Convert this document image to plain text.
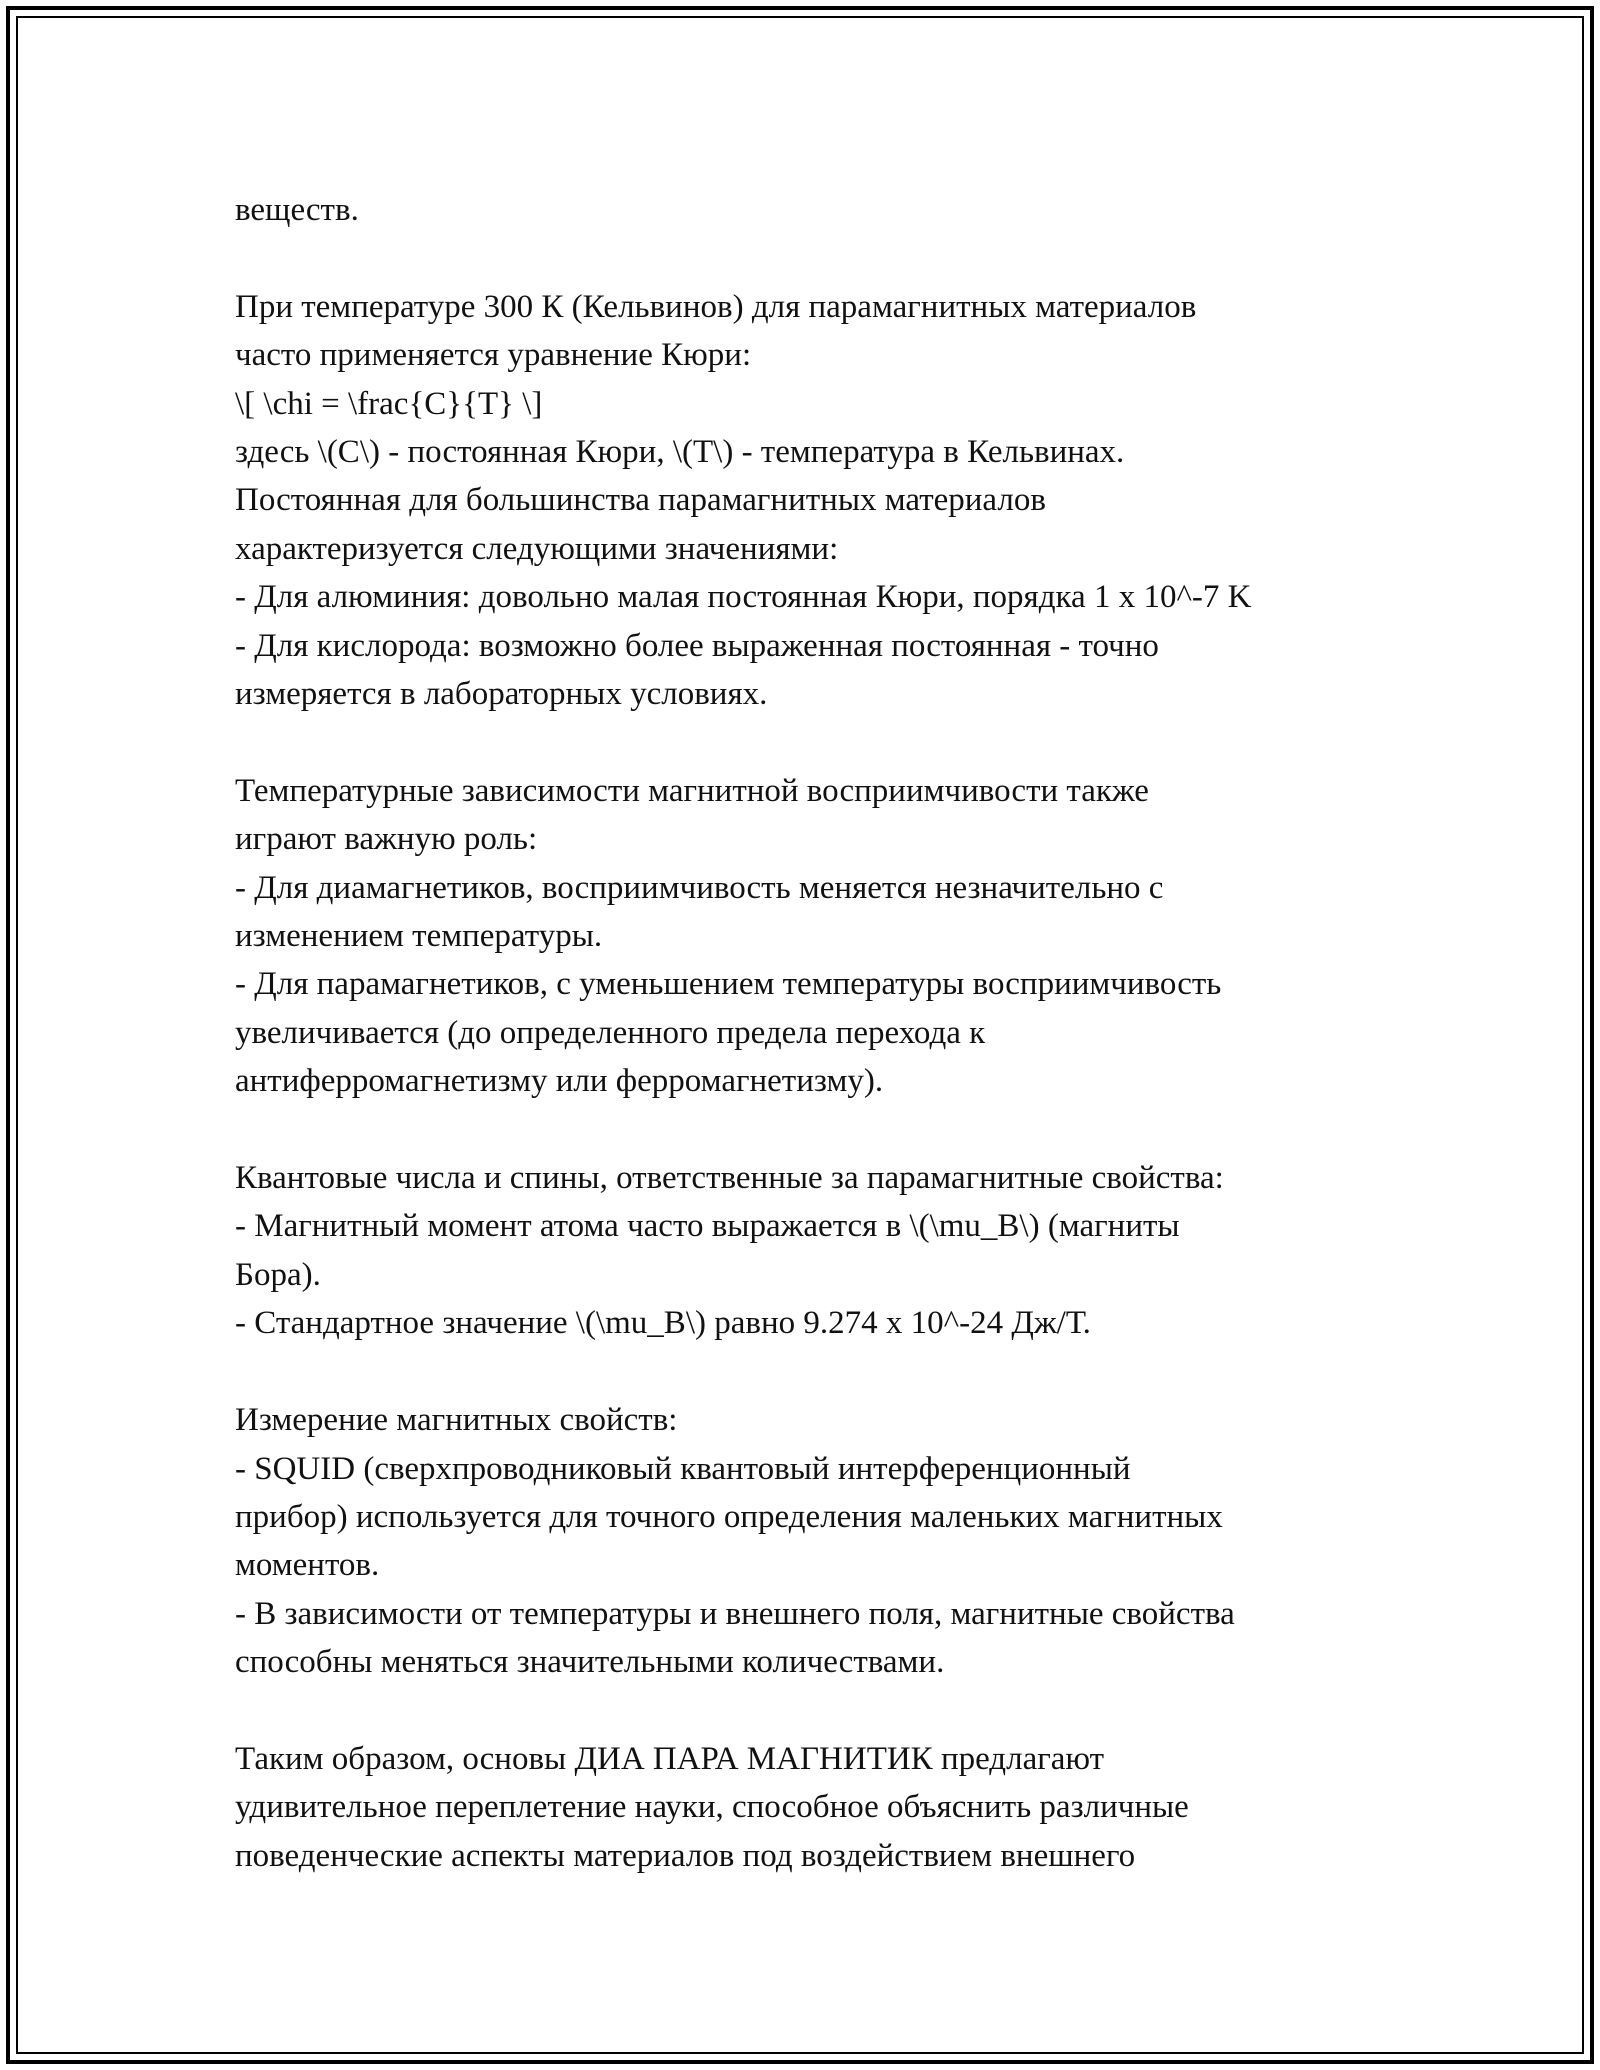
веществ.
При температуре 300 К (Кельвинов) для парамагнитных материалов
часто применяется уравнение Кюри:
\[ \chi = \frac{C}{T} \]
здесь \(C\) - постоянная Кюри, \(T\) - температура в Кельвинах.
Постоянная для большинства парамагнитных материалов
характеризуется следующими значениями:
- Для алюминия: довольно малая постоянная Кюри, порядка 1 x 10^-7 K
- Для кислорода: возможно более выраженная постоянная - точно
измеряется в лабораторных условиях.
Температурные зависимости магнитной восприимчивости также
играют важную роль:
- Для диамагнетиков, восприимчивость меняется незначительно с
изменением температуры.
- Для парамагнетиков, с уменьшением температуры восприимчивость
увеличивается (до определенного предела перехода к
антиферромагнетизму или ферромагнетизму).
Квантовые числа и спины, ответственные за парамагнитные свойства:
- Магнитный момент атома часто выражается в \(\mu_B\) (магниты
Бора).
- Стандартное значение \(\mu_B\) равно 9.274 x 10^-24 Дж/Т.
Измерение магнитных свойств:
- SQUID (сверхпроводниковый квантовый интерференционный
прибор) используется для точного определения маленьких магнитных
моментов.
- В зависимости от температуры и внешнего поля, магнитные свойства
способны меняться значительными количествами.
Таким образом, основы ДИА ПАРА МАГНИТИК предлагают
удивительное переплетение науки, способное объяснить различные
поведенческие аспекты материалов под воздействием внешнего
